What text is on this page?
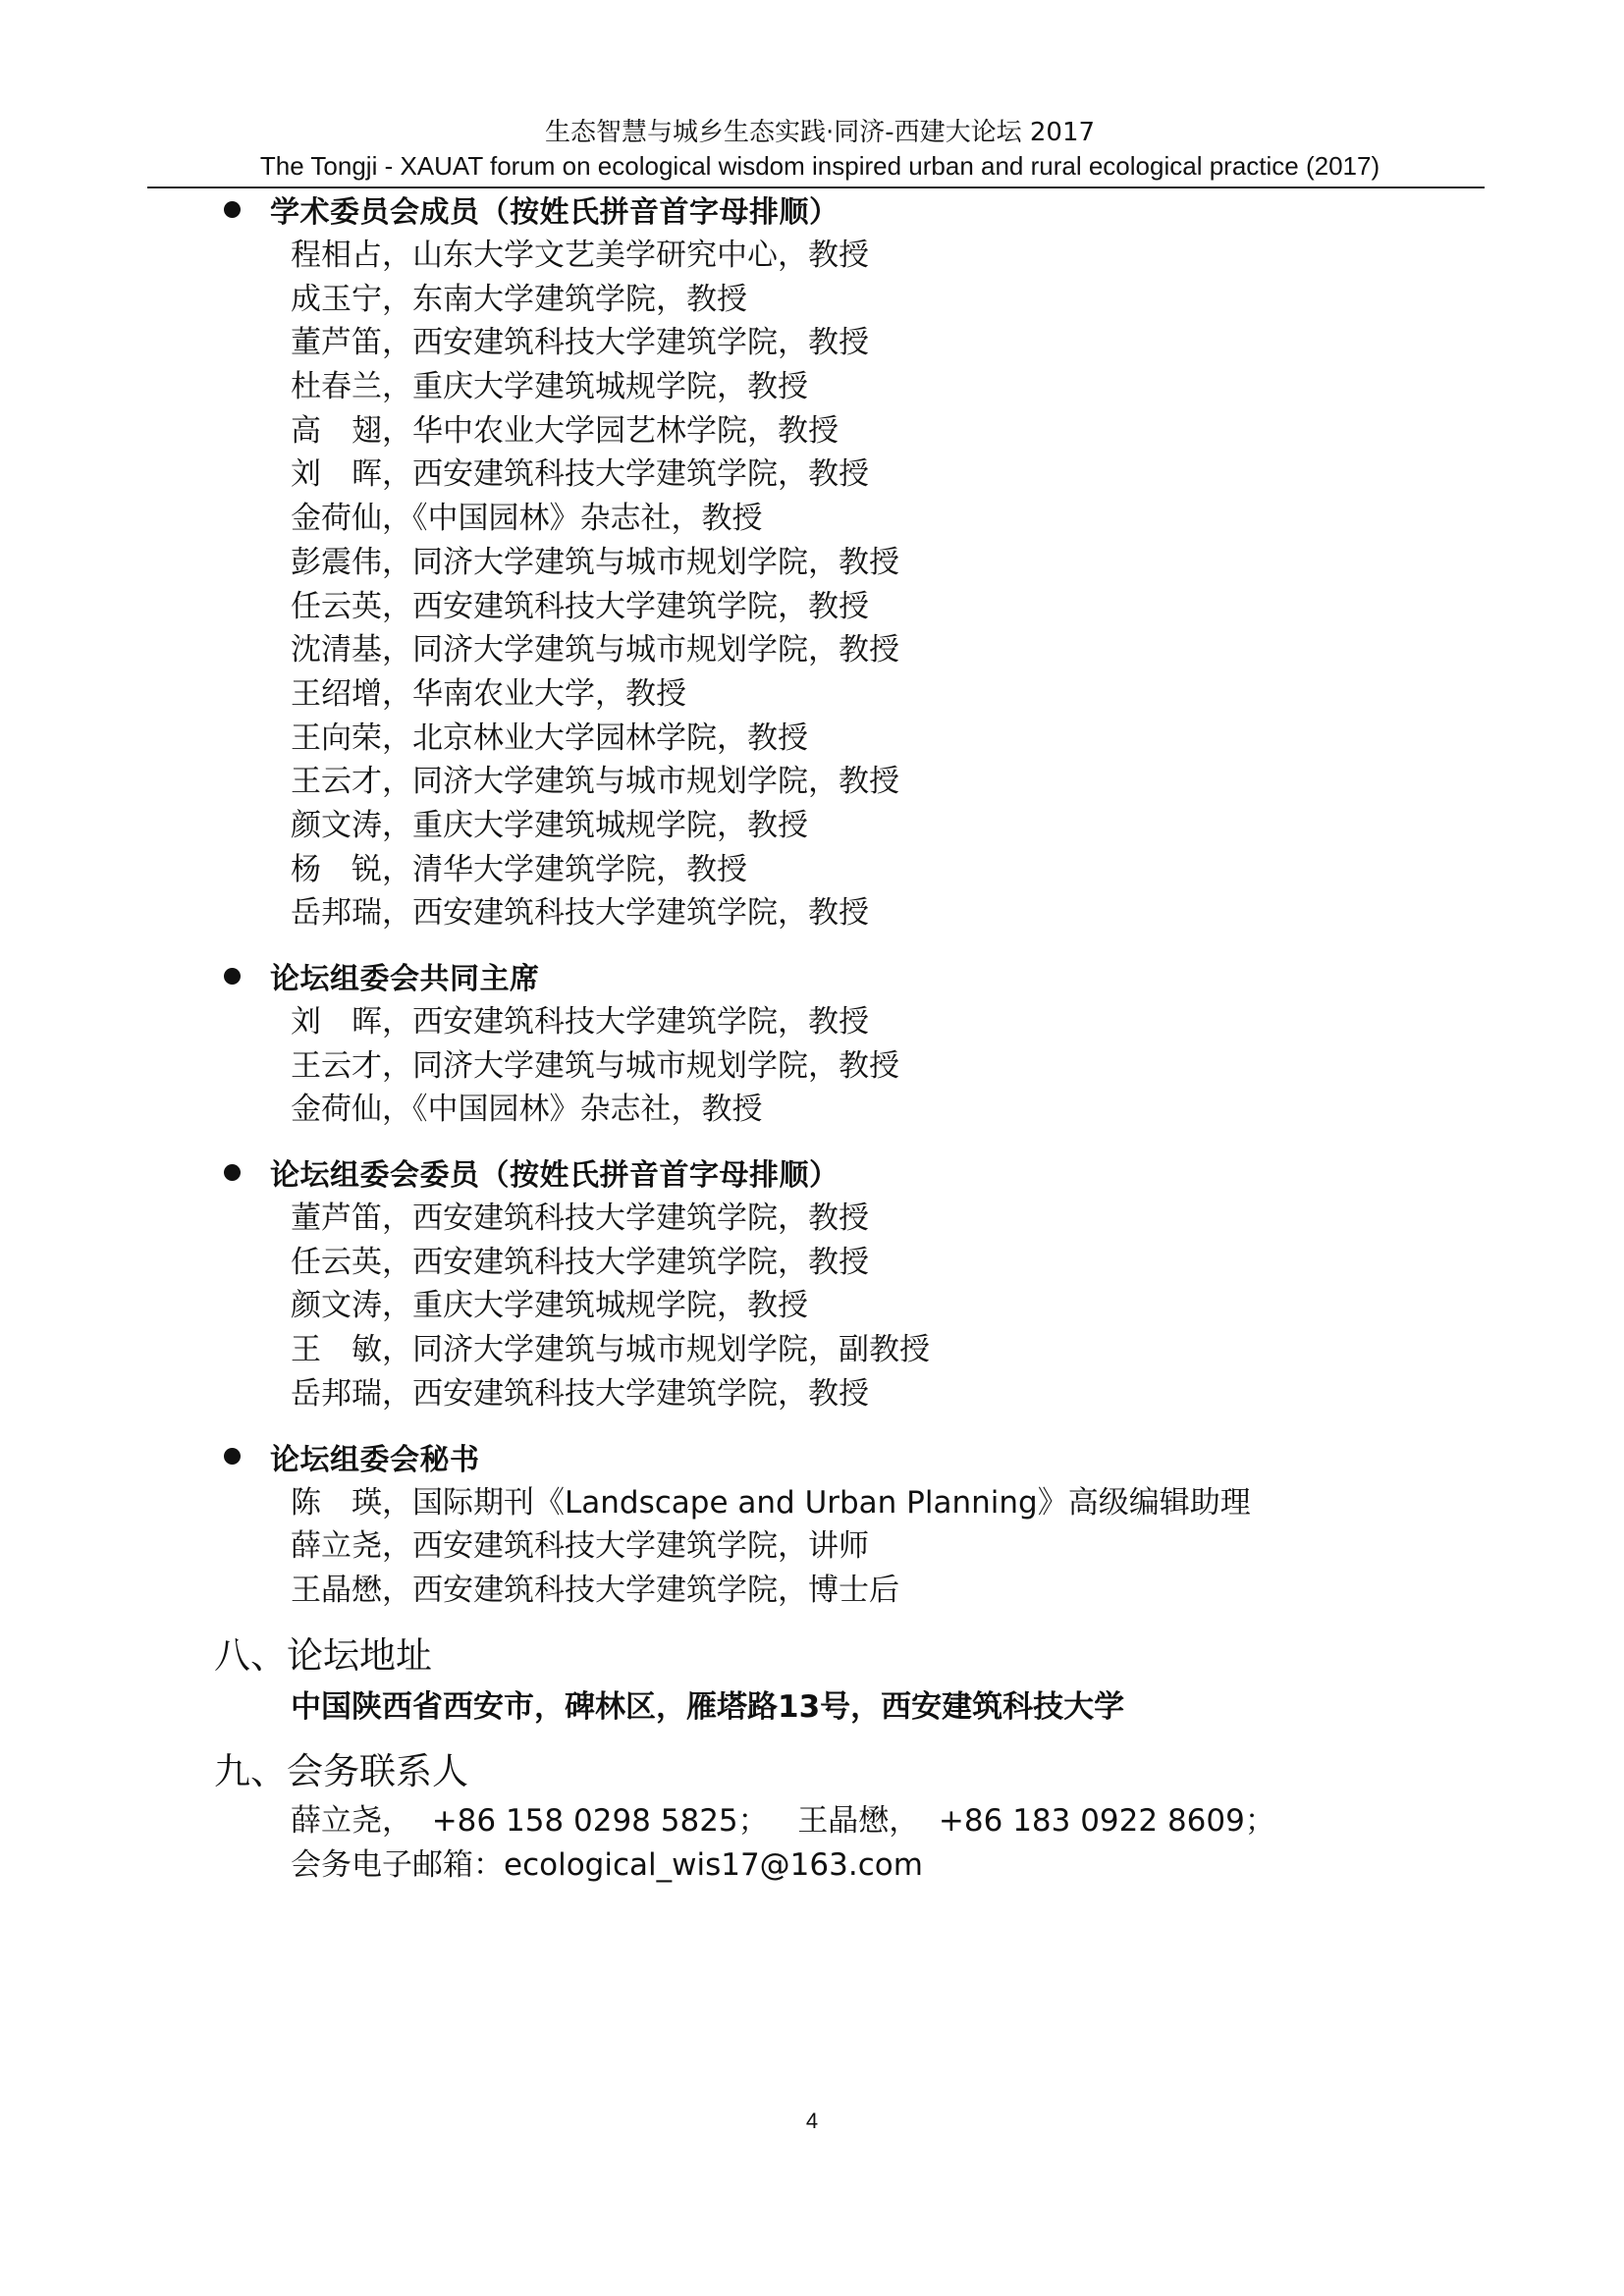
生态智慧与城乡生态实践·同济-西建大论坛 2017
The Tongji - XAUAT forum on ecological wisdom inspired urban and rural ecological practice (2017)
学术委员会成员（按姓氏拼音首字母排顺）
程相占，山东大学文艺美学研究中心，教授
成玉宁，东南大学建筑学院，教授
董芦笛，西安建筑科技大学建筑学院，教授
杜春兰，重庆大学建筑城规学院，教授
高　翅，华中农业大学园艺林学院，教授
刘　晖，西安建筑科技大学建筑学院，教授
金荷仙，《中国园林》杂志社，教授
彭震伟，同济大学建筑与城市规划学院，教授
任云英，西安建筑科技大学建筑学院，教授
沈清基，同济大学建筑与城市规划学院，教授
王绍增，华南农业大学，教授
王向荣，北京林业大学园林学院，教授
王云才，同济大学建筑与城市规划学院，教授
颜文涛，重庆大学建筑城规学院，教授
杨　锐，清华大学建筑学院，教授
岳邦瑞，西安建筑科技大学建筑学院，教授
论坛组委会共同主席
刘　晖，西安建筑科技大学建筑学院，教授
王云才，同济大学建筑与城市规划学院，教授
金荷仙，《中国园林》杂志社，教授
论坛组委会委员（按姓氏拼音首字母排顺）
董芦笛，西安建筑科技大学建筑学院，教授
任云英，西安建筑科技大学建筑学院，教授
颜文涛，重庆大学建筑城规学院，教授
王　敏，同济大学建筑与城市规划学院，副教授
岳邦瑞，西安建筑科技大学建筑学院，教授
论坛组委会秘书
陈　瑛，国际期刊《Landscape and Urban Planning》高级编辑助理
薛立尧，西安建筑科技大学建筑学院，讲师
王晶懋，西安建筑科技大学建筑学院，博士后
八、论坛地址
中国陕西省西安市，碑林区，雁塔路13号，西安建筑科技大学
九、会务联系人
薛立尧，  +86 158 0298 5825；   王晶懋，  +86 183 0922 8609；
会务电子邮箱：ecological_wis17@163.com
4
